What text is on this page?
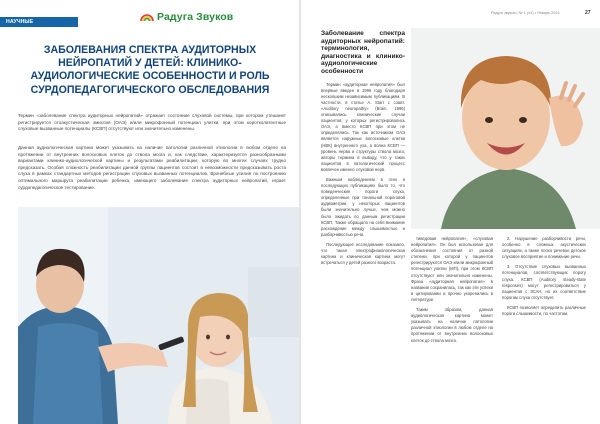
НАУЧНЫЕ ИССЛЕДОВАНИЯ
Радуга Звуков
ЗАБОЛЕВАНИЯ СПЕКТРА АУДИТОРНЫХ НЕЙРОПАТИЙ У ДЕТЕЙ: КЛИНИКО-АУДИОЛОГИЧЕСКИЕ ОСОБЕННОСТИ И РОЛЬ СУРДОПЕДАГОГИЧЕСКОГО ОБСЛЕДОВАНИЯ

Термин «заболевание спектра аудиторных нейропатий» отражает состояние слуховой системы, при котором утешанет регистрируется отоакустическая эмиссия (ОАЭ) и/или микрофонный потенциал улитки, при этом коротколатентные слуховые вызванные потенциалы (КСВП) отсутствуют или значительно изменены.

Данная аудиологическая картина может указывать на наличие патологии различной этиологии в любом отделе на протяжении от внутренних волосковых клеток до ствола мозга и, как следствие, характеризуется разнообразными вариантами клинико-аудиологической картины и результатами реабилитации, которую во многих случаях трудно предсказать. Особая сложность реабилитации данной группы пациентов состоит в невозможности предсказывать роста слуха в рамках стандартных методов регистрации слуховых вызванных потенциалов. Врачебные усилия по построению оптимального маршрута реабилитации ребенка, имеющего заболевание спектра аудиторных нейропатий, играет сурдопедагогическое тестирование.

Радуга звуков | № 1 (44) • Январь 2024	27
Заболевание спектра аудиторных нейропатий: терминология, диагностика и клинико-аудиологические особенности

Термин «аудиторная нейропатия» был впервые введен в 1996 году благодаря нескольким независимым публикациям. В частности, в статье A. Starr с соавт. «Auditory neuropathy» (Brain, 1996) описывались клинические случаи пациентов, у которых регистрировались ОАЭ, а вместо КСВП при этом не определялись. Так как источником ОАЭ является наружные волосковые клетки (НВК) внутреннего уха, а волна КСВП — уровень нерва и структуры ствола мозга, авторы термина в выводу, что у таких пациентов в патологический процесс вовлечен именно слуховой нерв.

Важным наблюдением в этих и последующих публикациях было то, что поведенческие пороги слуха, определенные при тональной пороговой аудиометрии, у некоторых пациентов были значительно лучше, чем можно было ожидать по данным регистрации КСВП. Также обращало на себя внимание расхождение между слышимостью и разборчивостью речи.

Последующее исследование показало, что такая электрофизиологическая картина и клиническая картина могут встречаться у детей разного возраста.

тиведовая нейропатия», «слуховая нейропатия». Он был использован для обозначения состояния от разной степени, при которой у пациентов регистрируются ОАЭ и/или микрофонный потенциал улитки (МП), при этом КСВП отсутствуют или значительно изменены. Фраза «аудиторная нейропатия» в названии сохранилась, так как эти успехи в цитировании и прочно укоренились в литературе.

Таким образом, данная аудиологическая картина может указывать на наличие патологии различной этиологии в любом отделе на протяжении от внутренних волосковых клеток до ствола мозга.

2. Нарушение разборчивости речи, особенно в сложных акустических ситуациях, а также плохо речевое детское слуховое восприятие и понимание речи.

3. Отсутствие слуховых вызванных потенциалов, соответствующих порогу слуха. КСВП (Auditory steady-state responses) могут регистрироваться у пациентов с ЗСАН, но их соответствие порогам слуха отсутствует.

КСВП позволяет определить различные пороги слышимости, по частотам.
